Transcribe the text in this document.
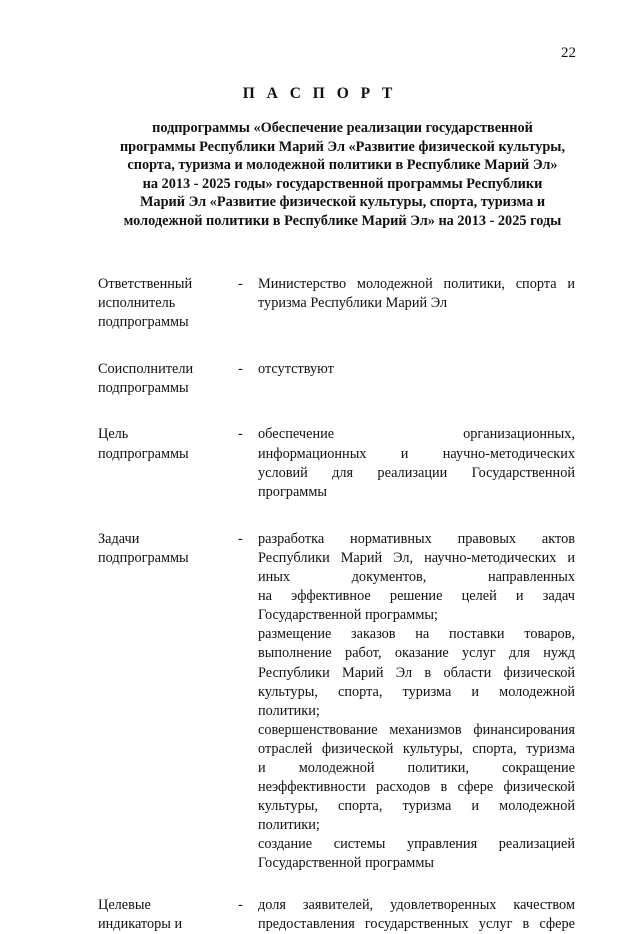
22
П А С П О Р Т
подпрограммы «Обеспечение реализации государственной
программы Республики Марий Эл «Развитие физической культуры,
спорта, туризма и молодежной политики в Республике Марий Эл»
на 2013 - 2025 годы» государственной программы Республики
Марий Эл «Развитие физической культуры, спорта, туризма и
молодежной политики в Республике Марий Эл» на 2013 - 2025 годы
Ответственный
исполнитель
подпрограммы
- Министерство молодежной политики, спорта и
туризма Республики Марий Эл
Соисполнители
подпрограммы
- отсутствуют
Цель
подпрограммы
- обеспечение организационных,
информационных и научно-методических
условий для реализации Государственной
программы
Задачи
подпрограммы
- разработка нормативных правовых актов
Республики Марий Эл, научно-методических и
иных документов, направленных
на эффективное решение целей и задач
Государственной программы;
размещение заказов на поставки товаров,
выполнение работ, оказание услуг для нужд
Республики Марий Эл в области физической
культуры, спорта, туризма и молодежной
политики;
совершенствование механизмов финансирования
отраслей физической культуры, спорта, туризма
и молодежной политики, сокращение
неэффективности расходов в сфере физической
культуры, спорта, туризма и молодежной
политики;
создание системы управления реализацией
Государственной программы
Целевые
индикаторы и
- доля заявителей, удовлетворенных качеством
предоставления государственных услуг в сфере
